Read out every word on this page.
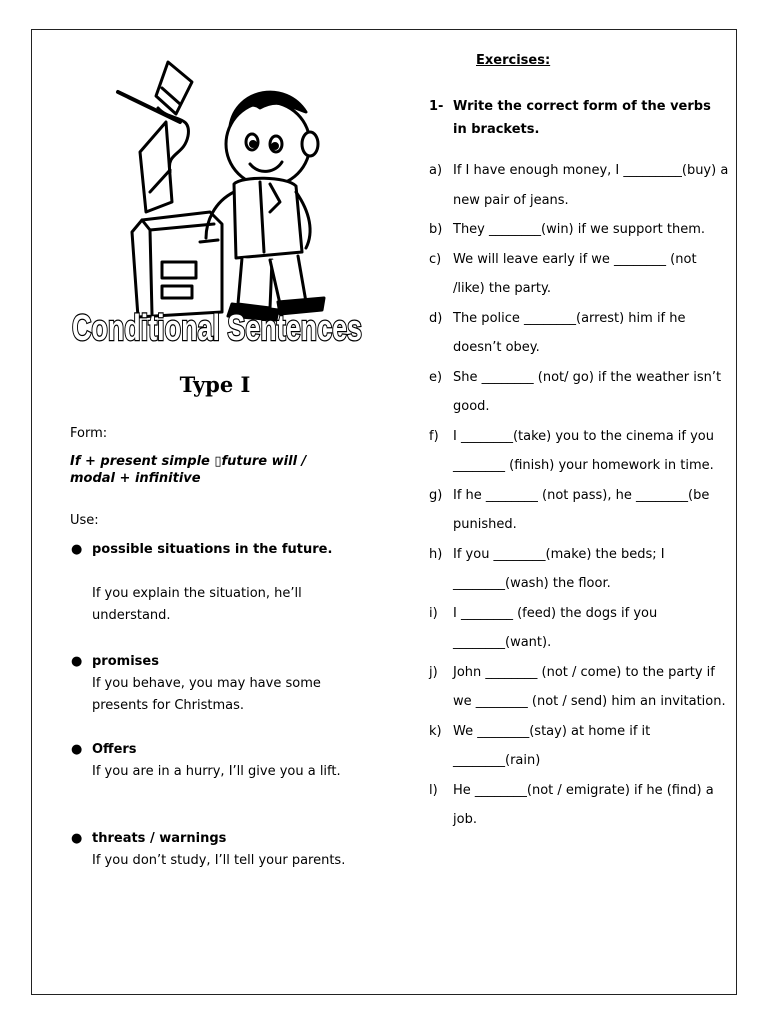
Conditional Sentences
Type I
Form:
If + present simple ▯future will / modal + infinitive
Use:
● possible situations in the future.
If you explain the situation, he’ll understand.
● promises
If you behave, you may have some presents for Christmas.
● Offers
If you are in a hurry, I’ll give you a lift.
● threats / warnings
If you don’t study, I’ll tell your parents.
Exercises:
1- Write the correct form of the verbs in brackets.
a) If I have enough money, I _________(buy) a new pair of jeans.
b) They ________(win) if we support them.
c) We will leave early if we ________ (not /like) the party.
d) The police ________(arrest) him if he doesn’t obey.
e) She ________ (not/ go) if the weather isn’t good.
f) I ________(take) you to the cinema if you ________ (finish) your homework in time.
g) If he ________ (not pass), he ________(be punished.
h) If you ________(make) the beds; I ________(wash) the floor.
i) I ________ (feed) the dogs if you ________(want).
j) John ________ (not / come) to the party if we ________ (not / send) him an invitation.
k) We ________(stay) at home if it ________(rain)
l) He ________(not / emigrate) if he (find) a job.
